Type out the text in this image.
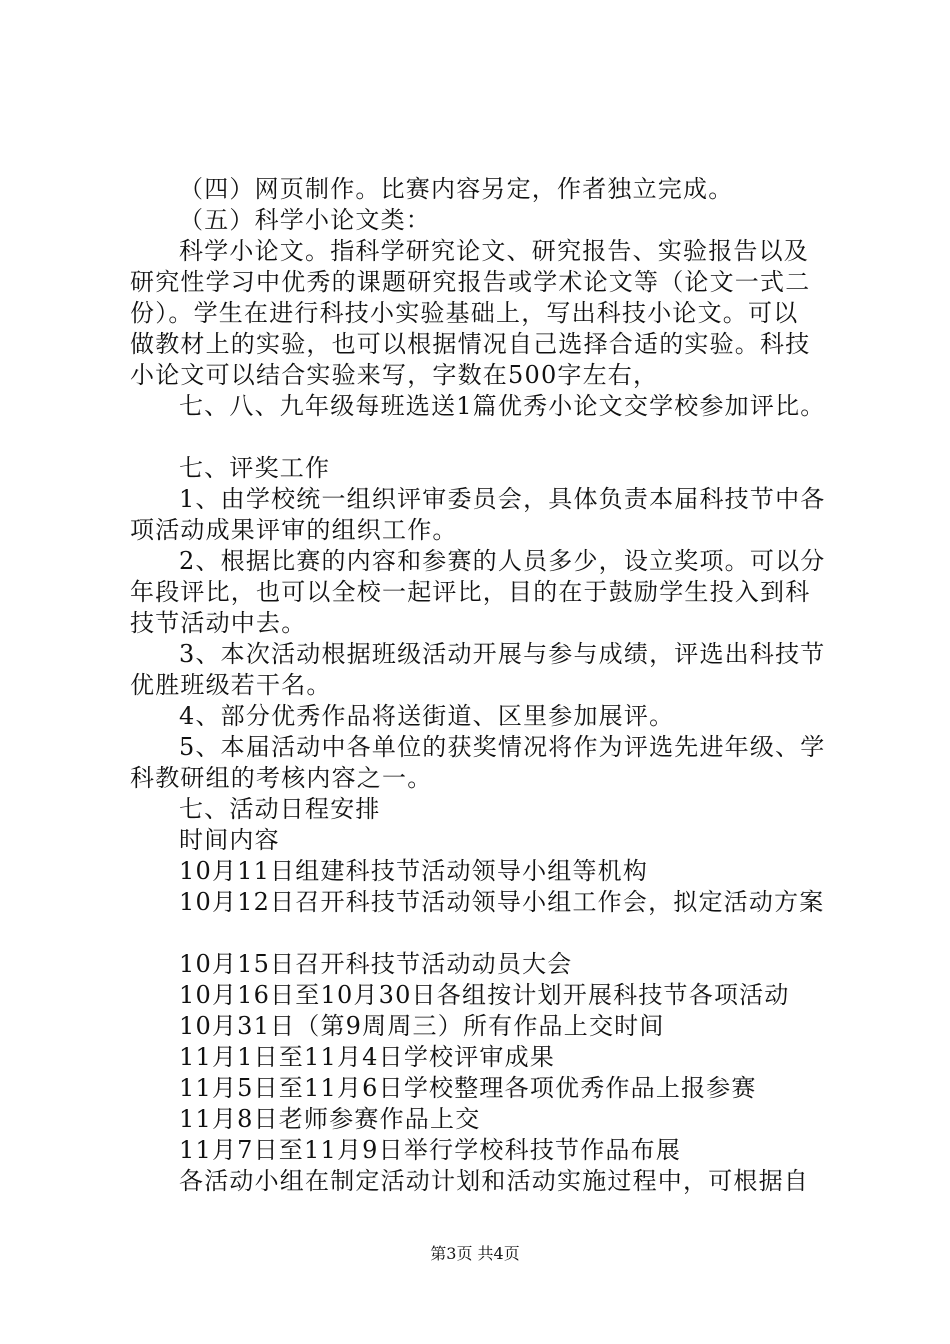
（四）网页制作。比赛内容另定，作者独立完成。
（五）科学小论文类：
科学小论文。指科学研究论文、研究报告、实验报告以及
研究性学习中优秀的课题研究报告或学术论文等（论文一式二
份）。学生在进行科技小实验基础上，写出科技小论文。可以
做教材上的实验，也可以根据情况自己选择合适的实验。科技
小论文可以结合实验来写，字数在500字左右，
七、八、九年级每班选送1篇优秀小论文交学校参加评比。
七、评奖工作
1、由学校统一组织评审委员会，具体负责本届科技节中各
项活动成果评审的组织工作。
2、根据比赛的内容和参赛的人员多少，设立奖项。可以分
年段评比，也可以全校一起评比，目的在于鼓励学生投入到科
技节活动中去。
3、本次活动根据班级活动开展与参与成绩，评选出科技节
优胜班级若干名。
4、部分优秀作品将送街道、区里参加展评。
5、本届活动中各单位的获奖情况将作为评选先进年级、学
科教研组的考核内容之一。
七、活动日程安排
时间内容
10月11日组建科技节活动领导小组等机构
10月12日召开科技节活动领导小组工作会，拟定活动方案
10月15日召开科技节活动动员大会
10月16日至10月30日各组按计划开展科技节各项活动
10月31日（第9周周三）所有作品上交时间
11月1日至11月4日学校评审成果
11月5日至11月6日学校整理各项优秀作品上报参赛
11月8日老师参赛作品上交
11月7日至11月9日举行学校科技节作品布展
各活动小组在制定活动计划和活动实施过程中，可根据自
第3页 共4页
